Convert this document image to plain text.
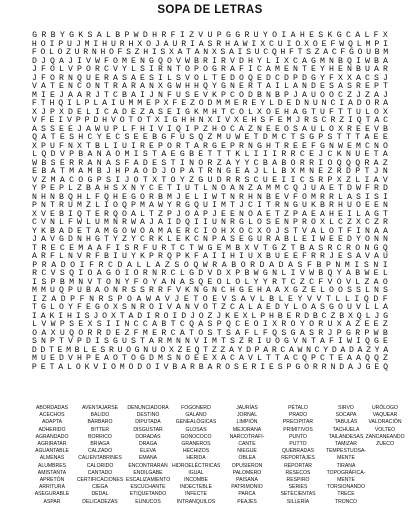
SOPA DE LETRAS
G R B Y G K S A L B P W D H R F I Z V U P G G R U Y O I A H E S K G C A L F X
H O I P U J M I H U R H X O J A U R I A S R H A W I X C U I O X O E F W Q L M P I
F O L O Z U R N H O F S Z H I S X A T A N X S A I S U C Q H F T S Z A C F G O U B M
D J Q A J I V W F O M E N G Q O V W B R I R V D H Y L I X C A G M N B Q I W B A
J F O L V P O R C V Y L S I R N T O P O G R A F I C A M E N T E Y H E N B U A R
J F O R N Q U E R A S A E S I L S V O L T E D O Q E D C D P D G Y F X X A C S J
V A T E N C O N T R A R A N X G W H H Q Y G N E R T A I L A N D E S A S R E P T
M I E J A A R J T C B A I J N F U S E V K P C O D B N B P J A U O O C Z J Z A J
F T H Q I L P L A I U M M E P X F E Z O D M M E R E Y L D E D N U N C I A D O R A
X J P X D E L I C A D E Z A S E I G K M H T C O L X O E H A G T U F T T U L O X
V F E I V P P D H V O T O T X I G H H N X I V X E H S F E M J R S C R Z I Q T A C
A S S E E J A W U P L F H I V I Q I P Z H O C A Z N E E O S A U L O X R E E V B
Q A T E S H C Y E C S E E B G F U S Q Z M U W E T D M C T S G P S T T T A E E
X P U F N X T B L I U I R E P O R T A R G E P R N G H T R E E F G N W E M C N O
L Q D V P B A N A O M I S T A E G B E T T T K L I I I R R C E J C K N U E T A
W B S E R R A N A S F A D E S T I N O R Z A Y Y C B A B O R R I O Q Q Q R A Z
E B A T M A M B J H P A O D J O P A T R N G E A J L L B X M N E Z R D P T J N
V Z M A C O G P S I J O T X T O Y Z G U D R R S C U E I I C S R P X Z L I A V
Y P E P L Z B A H S X N Y C E T I U T L N O A N Z A M M C Q J U A E T D W F R D
N H N B Q H L F Q H E G O R B M J E L I W T N R H N B E V F O M R R L A S I S I
P N T R U M Z L I O Q P M A W Y R G Q U I M T J C I T R N G U K B R H U O E E N
X V E B I Q T E R Q O A L T Z P J O A P J E E N O A E T Z P A E A H E I L A G T
C V N L F W L U M N R W A J A I D Q I I U N R G L O S E N P R O X L C Z X C Z R
Y K B A D E T A M G O W O A M A E R C I O H X O C X O J S T V A L O T F I N A A
J A V G D N H G T Y Z Y C R K L E K C N P A S E G U R A B L E I W E E D Y O N N
T R E C E M A A F I S R F U R T C T W G E M B X V T G Z T B A S R C R O N G Q
A R F L N V R F B I U Y K P R Q P K F A I I H I U X B U E E F R R J E S A V A U
P R A D O I F R C D A L L A Z S O Q W R A B O R D A D A S F B P N M I S N I
R C V S Q I O A G O I O R N R C L G D V D X P B W G N L I V W B Q Y A B W E L
I S P B M N V T O N Y F O Y A N A S Q E O L O L Y Y R T C Z C F V O V L Z A O
M M U Q P U B A O N R S S R R F V K N G N C H G E H A A X G Z E L O O S S L N S
I Z A D P F N R S P O A W A V J E T O E V S A V L B L E Y V V T L L I Q D F
T G L O Y F E G O X S N R O I V A N V O T Z C A L A E D Y L O A S G O U V L L A
I A K I H I S J O X T A D I R O I D J O Z J K E X L P H B E R D B C Z B X Q L J G
L V W P S E X S I I N C C A B T C Q A S P Q C E O I X R O Y O R U X A Z E E Z
O A X U Q O R R D E Z F M E R C A T O S T S A F L F Q S G A S R J P G R P W B
S N P T V P D I S G U S T A R M N N V I M T S Z R I U O G V N T A F I W I Q G E
D D T E M B L E S R U O G N U O X Z E Q T Z Z A Y D P A R C A W N C Y D A D A Z Y A
M U E D V H P E A O T O G D M S N O E E X A C A V L T T A C Q P C T E A A Q Q Z
P E T A L O K V I O M O D O I V B A R B A R O S E R I E S P G O R R N D A J G E Q
ABORDADAS
ACECHOS
ADAPTA
ADHERIDO
AGRANDADO
AGRIRATAR
AGUANTABLE
ALMENAS
ALUMBRES
AMISTANTA
APRETÓN
ARRITURA
ASEGURABLE
ASPAR
AVENTAJARSE
BALIDO
BÁRBARO
BITTER
BORRICO
BRIAGA
CALZADO
CALIENTABRINES
CALORIDO
CANTADO
CERTIFICACIONES
CIEGA
DEDAL
DELICADEZAS
DENUNCIADORA
DESTINO
DIPUTADA
DISGUSTAR
DORADAS
DRAGA
ELEVA
EMANA
ENCONTRARAN
ENDILGABE
ESCALIZAMIENTO
ESCUCHANTE
ETIQUETANDO
EUNUCOS
FOGONERO
GALANO
GENEALÓGICAS
GLOSAS
GONOCOCO
GRANEROS
HECHIZOS
HERIDA
HIDROELÉCTRICAS
IGUAL
INCOMBE
INDECTEBLE
INFECTE
INTRANQUILOS
JAURÍAS
JORNAL
LIMPIÓN
MEJORANA
NARCOTRAFI-
CANTE
NIEGUE
OBLEA
OPUSIERON
PALOMERO
PAISANA
PATRIMONIO
PARCA
PEAJES
PÉTALO
PRADO
PRECIPITAR
PRIMITIVOS
PUNTO
PUTTO
QUEBRADAS
REPORTAJES
REPORTAR
RESECOS
RESPIRO
SERIES
SETECIENTAS
SILLERÍA
SIRVO
SOCAPA
TABULÁS
TACHUELA
TAILANDESAS
TAMIZAR
TEMPESTUOSA-
MENTE
TIRANA
TOPOGRÁFICA-
MENTE
TORSIONANDO
TRECE
TRONCO
URÓLOGO
VAQUEAR
VALORACIÓN
VOLTEO
ZANCANEANDO
ZUECO
